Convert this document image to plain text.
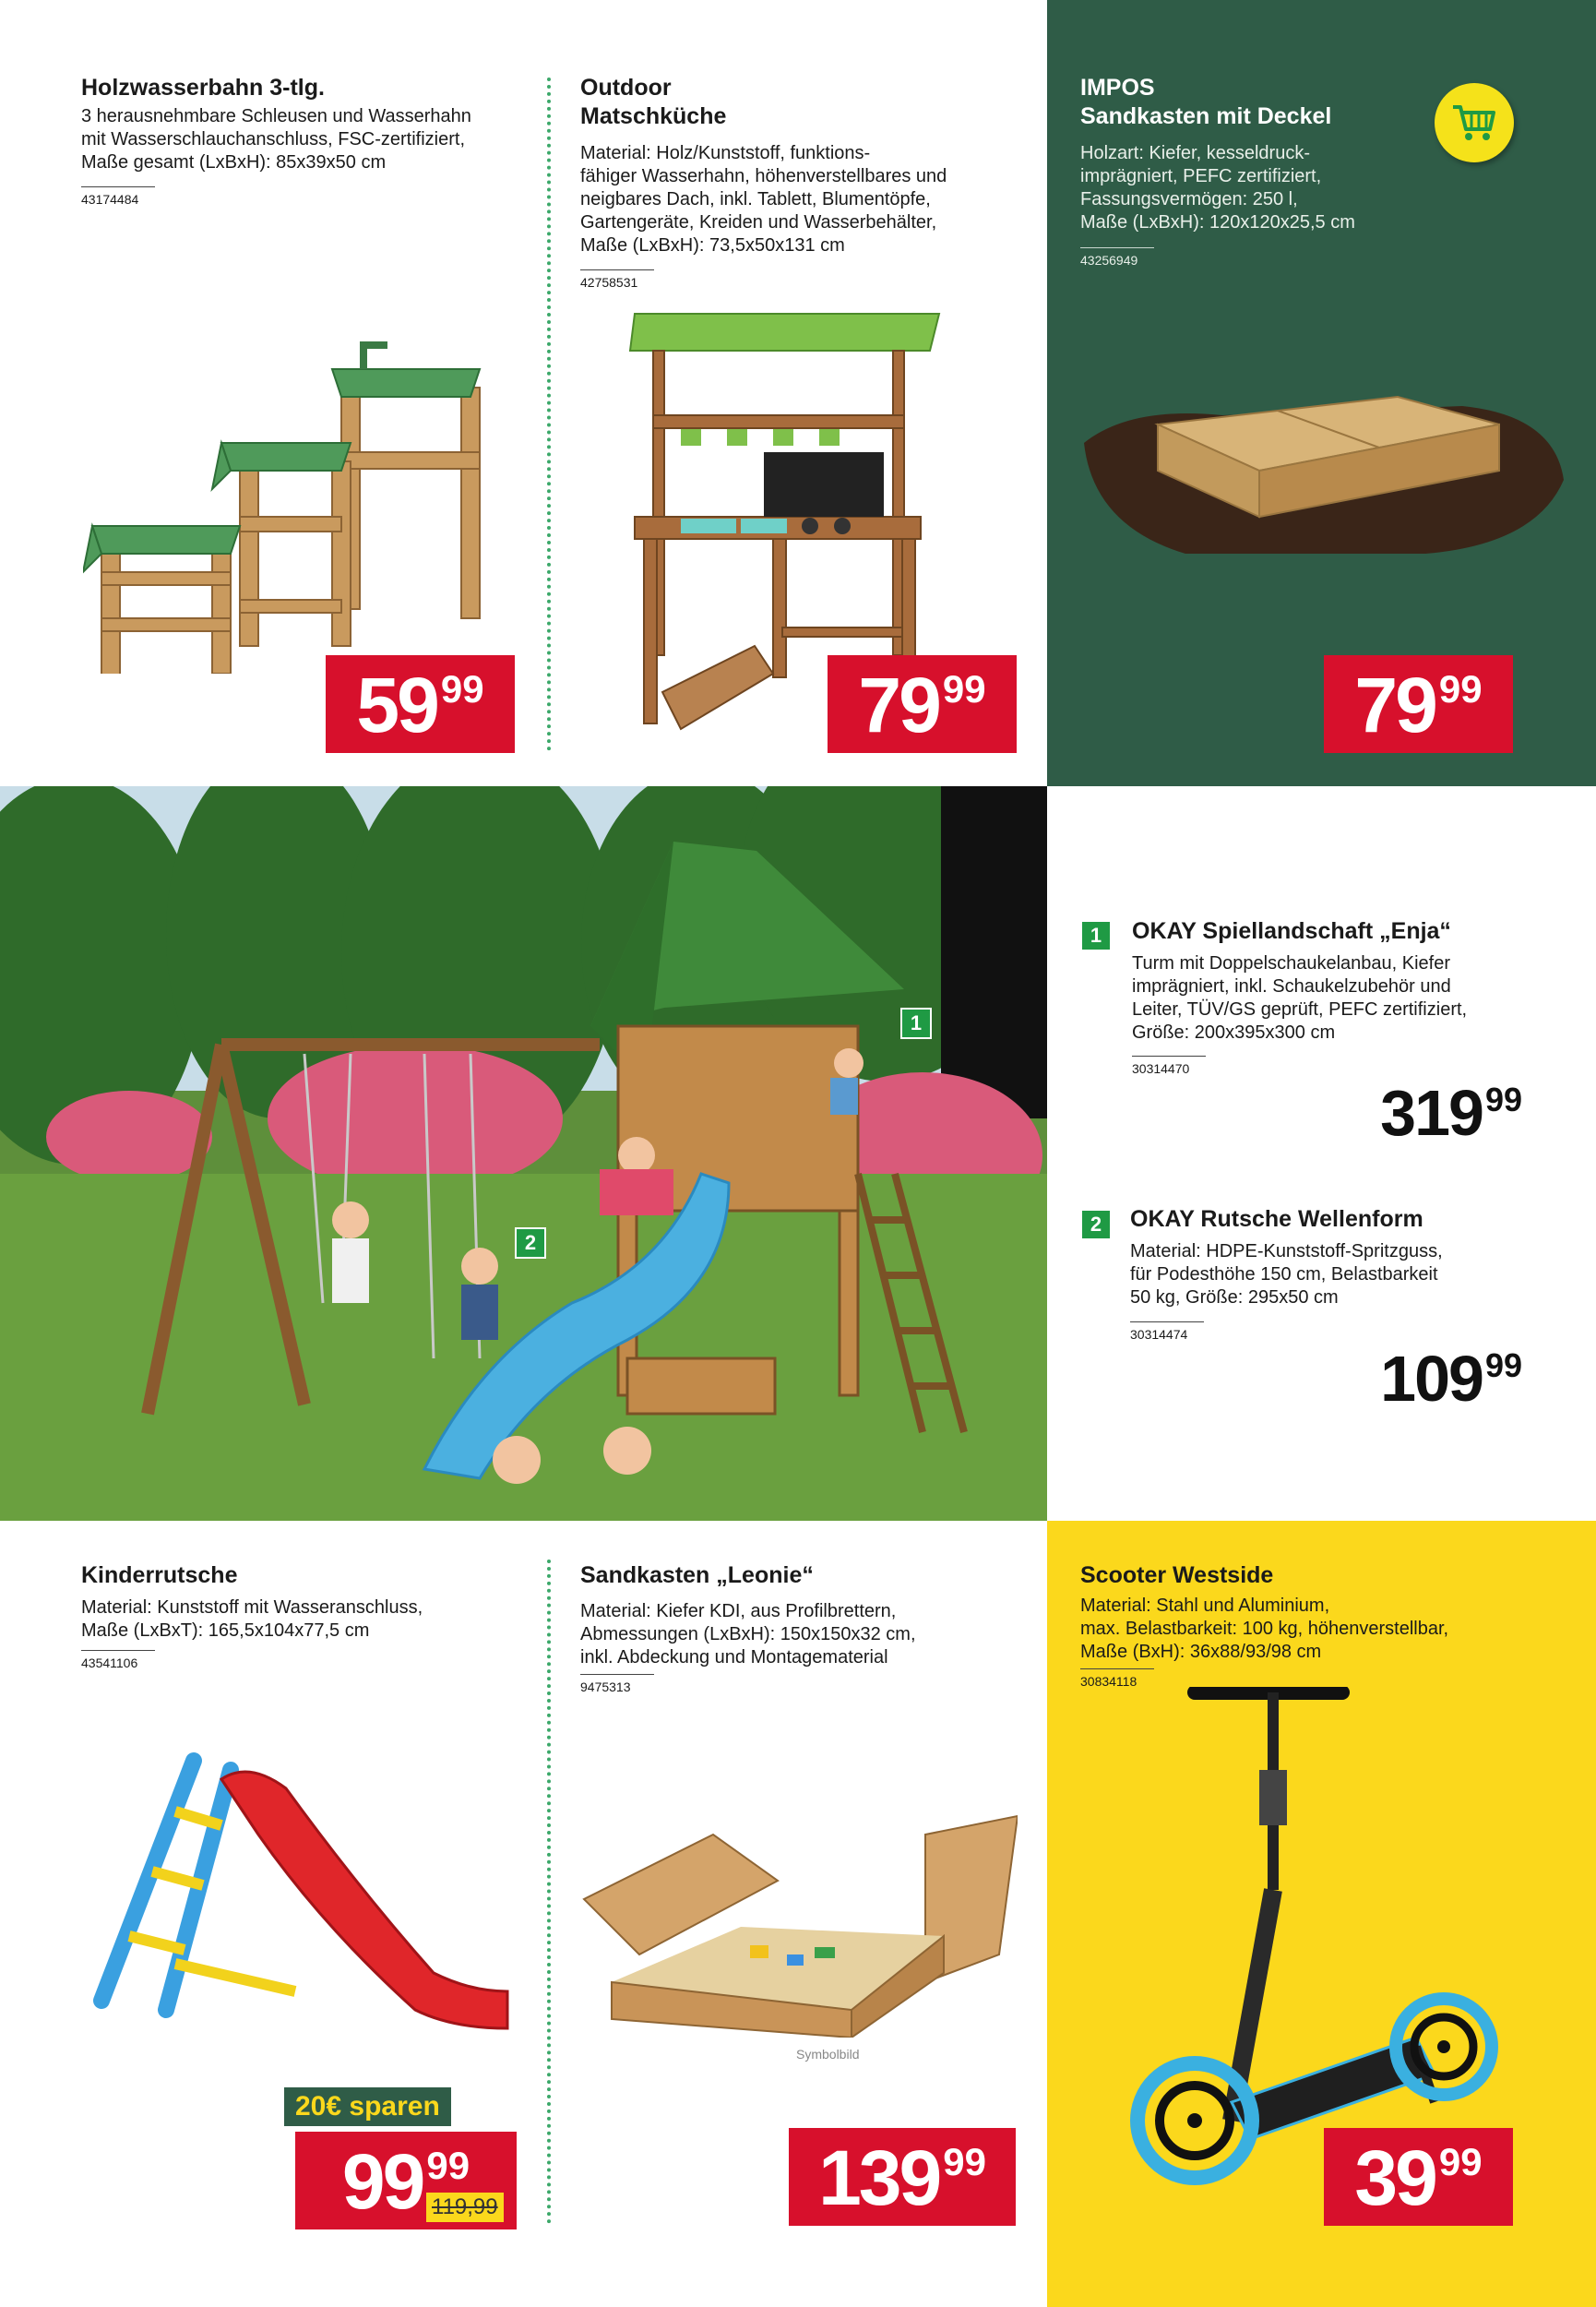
Holzwasserbahn 3-tlg.
3 herausnehmbare Schleusen und Wasserhahn
mit Wasserschlauchanschluss, FSC-zertifiziert,
Maße gesamt (LxBxH): 85x39x50 cm
43174484
59 99
Outdoor
Matschküche
Material: Holz/Kunststoff, funktions-
fähiger Wasserhahn, höhenverstellbares und
neigbares Dach, inkl. Tablett, Blumentöpfe,
Gartengeräte, Kreiden und Wasserbehälter,
Maße (LxBxH): 73,5x50x131 cm
42758531
79 99
IMPOS
Sandkasten mit Deckel
Holzart: Kiefer, kesseldruck-
imprägniert, PEFC zertifiziert,
Fassungsvermögen: 250 l,
Maße (LxBxH): 120x120x25,5 cm
43256949
79 99
1
2
1	OKAY Spiellandschaft „Enja“
Turm mit Doppelschaukelanbau, Kiefer
imprägniert, inkl. Schaukelzubehör und
Leiter, TÜV/GS geprüft, PEFC zertifiziert,
Größe: 200x395x300 cm
30314470
319 99
2	OKAY Rutsche Wellenform
Material: HDPE-Kunststoff-Spritzguss,
für Podesthöhe 150 cm, Belastbarkeit
50 kg, Größe: 295x50 cm
30314474
109 99
Kinderrutsche
Material: Kunststoff mit Wasseranschluss,
Maße (LxBxT): 165,5x104x77,5 cm
43541106
20€ sparen
99 99
119,99
Sandkasten „Leonie“
Material: Kiefer KDI, aus Profilbrettern,
Abmessungen (LxBxH): 150x150x32 cm,
inkl. Abdeckung und Montagematerial
9475313
Symbolbild
139 99
Scooter Westside
Material: Stahl und Aluminium,
max. Belastbarkeit: 100 kg, höhenverstellbar,
Maße (BxH): 36x88/93/98 cm
30834118
39 99
